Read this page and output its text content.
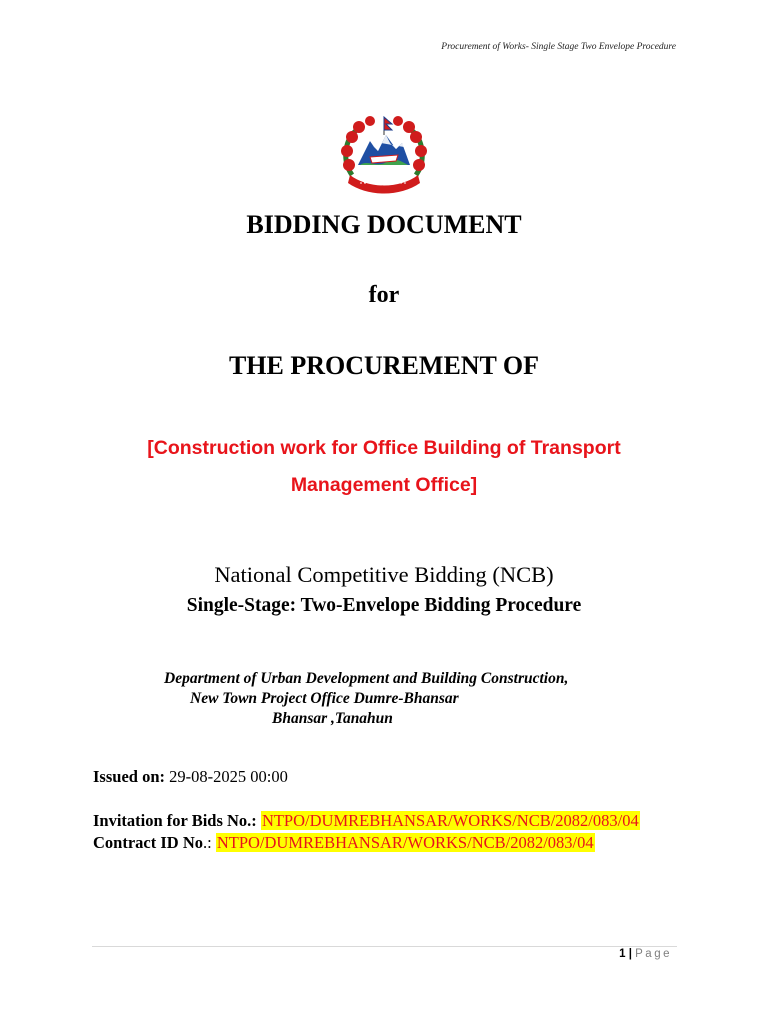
Procurement of Works- Single Stage Two Envelope Procedure
BIDDING DOCUMENT
for
THE PROCUREMENT OF
[Construction work for Office Building of Transport
Management Office]
National Competitive Bidding (NCB)
Single-Stage: Two-Envelope Bidding Procedure
Department of Urban Development and Building Construction,
New Town Project Office Dumre-Bhansar
Bhansar ,Tanahun
Issued on: 29-08-2025 00:00
Invitation for Bids No.: NTPO/DUMREBHANSAR/WORKS/NCB/2082/083/04
Contract ID No.: NTPO/DUMREBHANSAR/WORKS/NCB/2082/083/04
1 | Page
